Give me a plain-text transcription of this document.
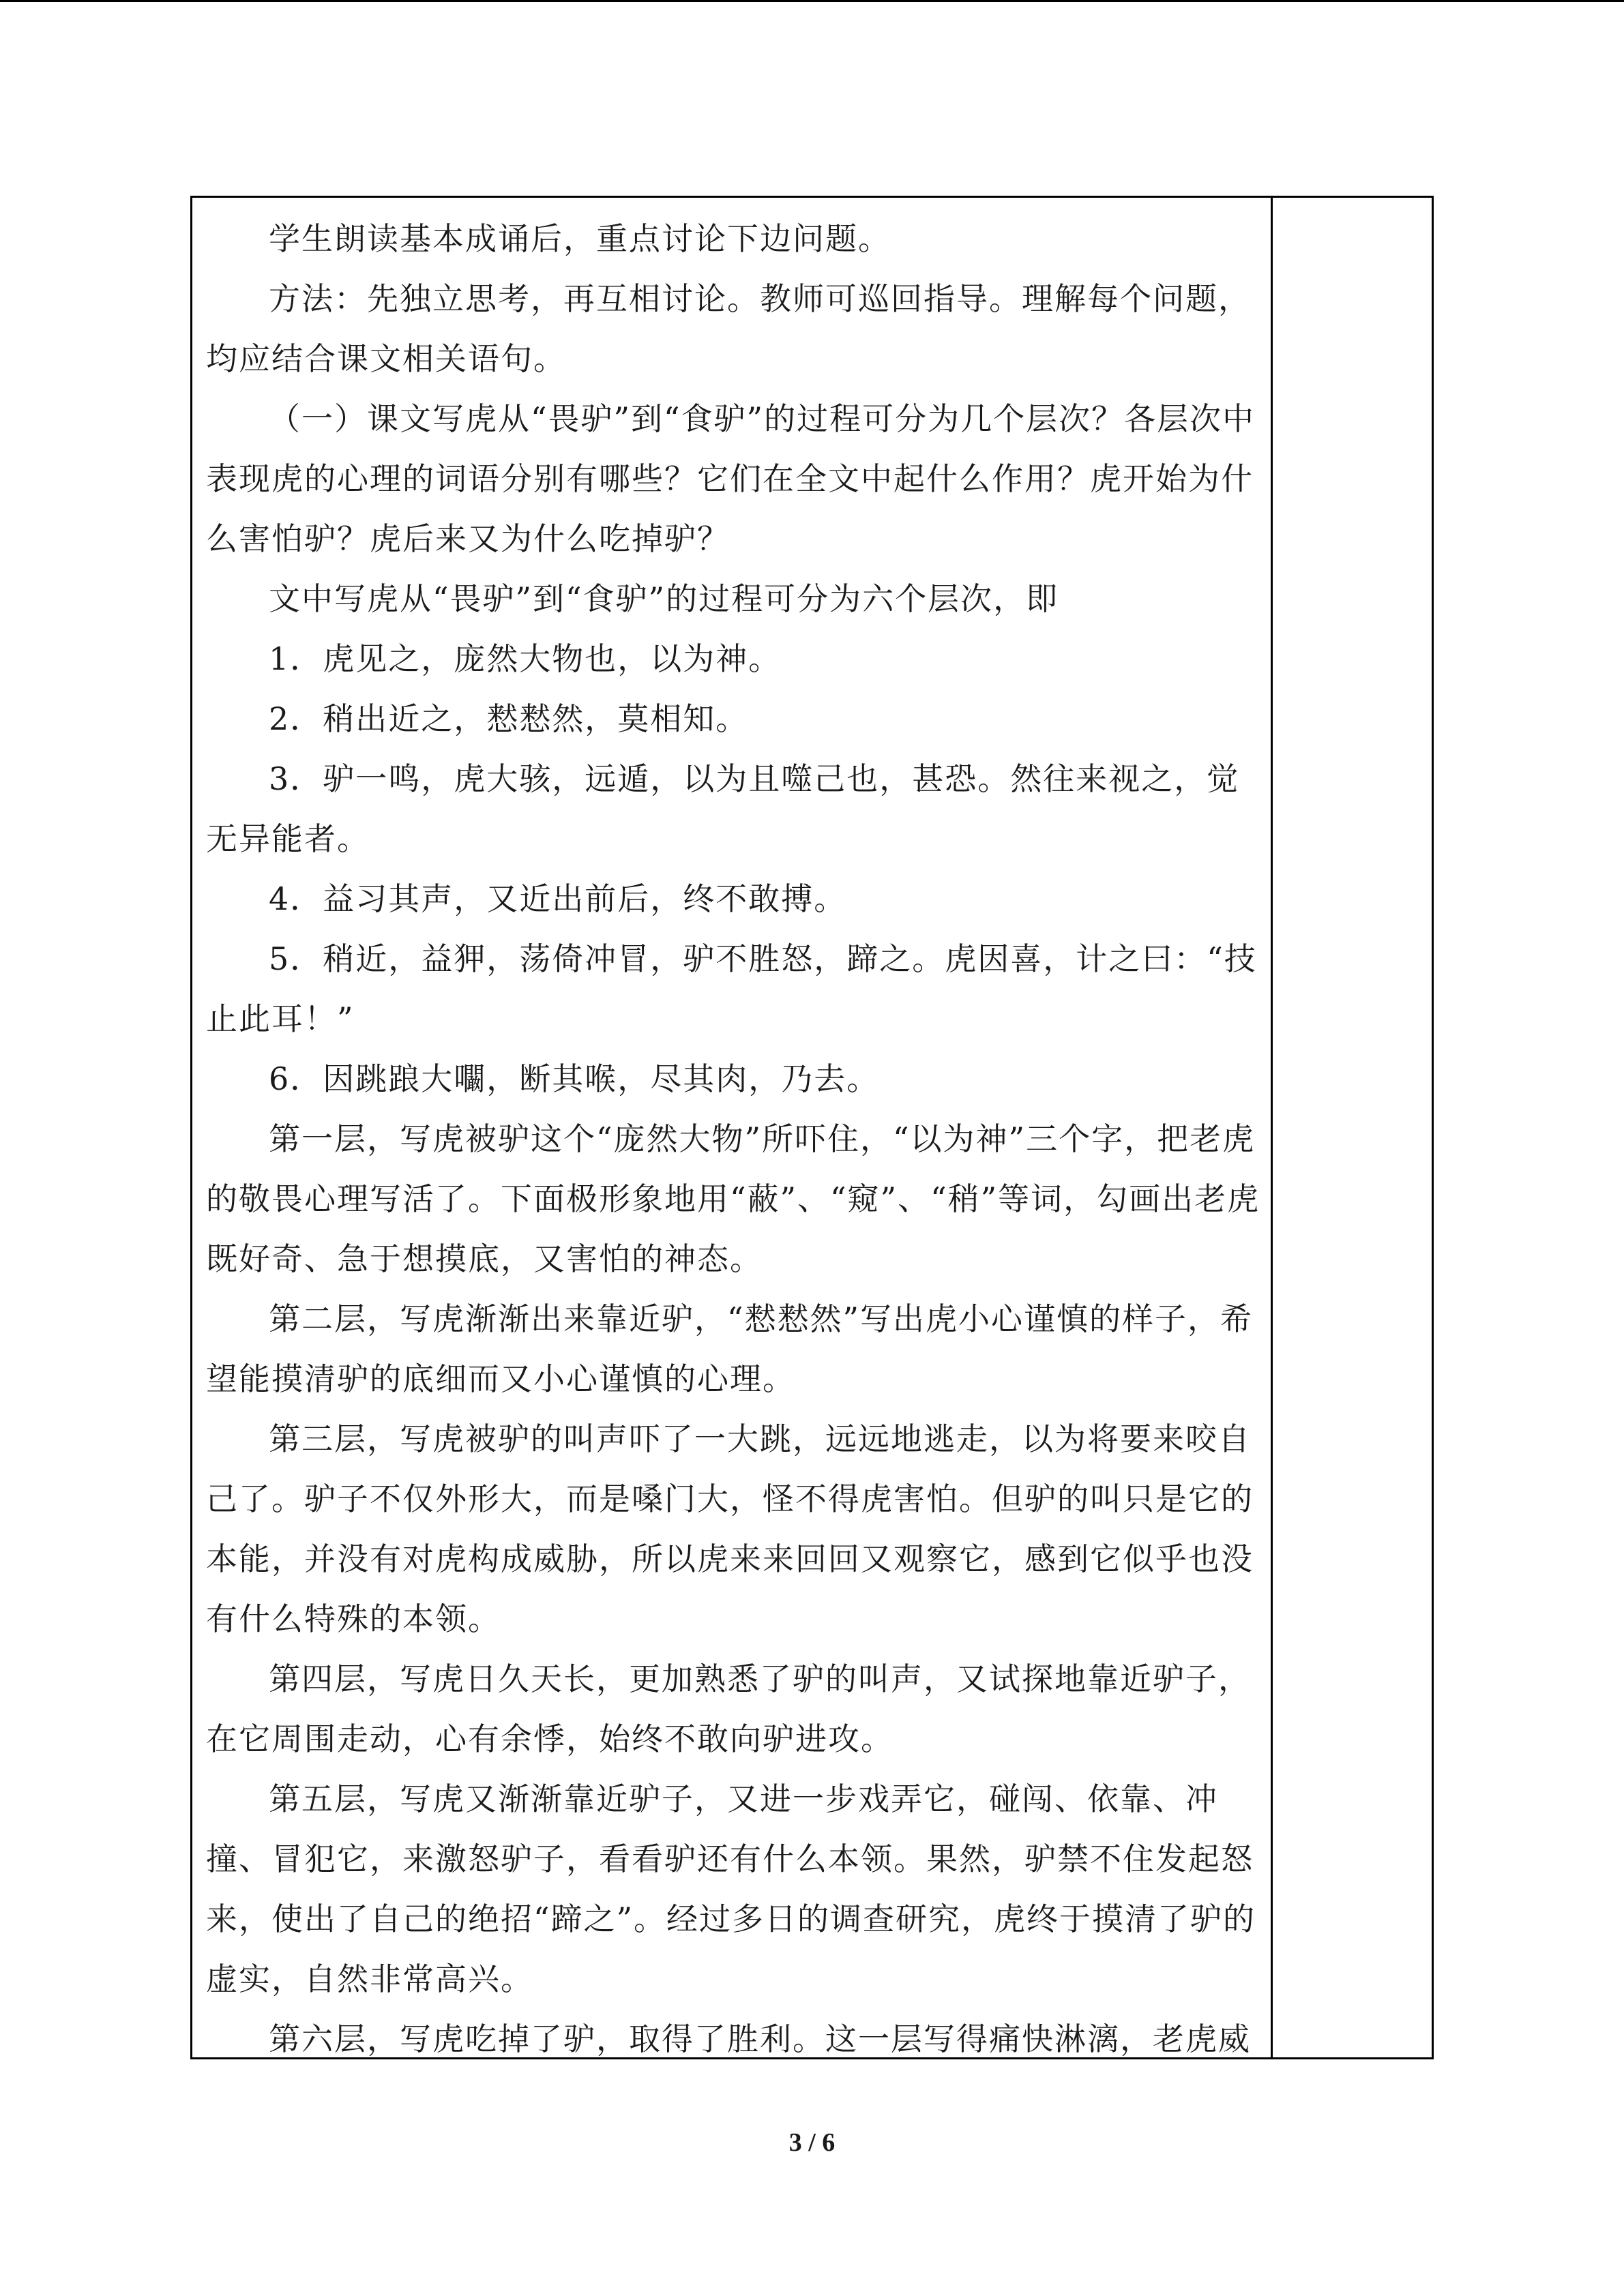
学生朗读基本成诵后，重点讨论下边问题。

方法：先独立思考，再互相讨论。教师可巡回指导。理解每个问题，均应结合课文相关语句。

（一）课文写虎从“畏驴”到“食驴”的过程可分为几个层次？各层次中表现虎的心理的词语分别有哪些？它们在全文中起什么作用？虎开始为什么害怕驴？虎后来又为什么吃掉驴？

文中写虎从“畏驴”到“食驴”的过程可分为六个层次，即

1．虎见之，庞然大物也，以为神。

2．稍出近之，慭慭然，莫相知。

3．驴一鸣，虎大骇，远遁，以为且噬己也，甚恐。然往来视之，觉无异能者。

4．益习其声，又近出前后，终不敢搏。

5．稍近，益狎，荡倚冲冒，驴不胜怒，蹄之。虎因喜，计之曰：“技止此耳！”

6．因跳踉大㘚，断其喉，尽其肉，乃去。

第一层，写虎被驴这个“庞然大物”所吓住，“以为神”三个字，把老虎的敬畏心理写活了。下面极形象地用“蔽”、“窥”、“稍”等词，勾画出老虎既好奇、急于想摸底，又害怕的神态。

第二层，写虎渐渐出来靠近驴，“慭慭然”写出虎小心谨慎的样子，希望能摸清驴的底细而又小心谨慎的心理。

第三层，写虎被驴的叫声吓了一大跳，远远地逃走，以为将要来咬自己了。驴子不仅外形大，而是嗓门大，怪不得虎害怕。但驴的叫只是它的本能，并没有对虎构成威胁，所以虎来来回回又观察它，感到它似乎也没有什么特殊的本领。

第四层，写虎日久天长，更加熟悉了驴的叫声，又试探地靠近驴子，在它周围走动，心有余悸，始终不敢向驴进攻。

第五层，写虎又渐渐靠近驴子，又进一步戏弄它，碰闯、依靠、冲撞、冒犯它，来激怒驴子，看看驴还有什么本领。果然，驴禁不住发起怒来，使出了自己的绝招“蹄之”。经过多日的调查研究，虎终于摸清了驴的虚实，自然非常高兴。

第六层，写虎吃掉了驴，取得了胜利。这一层写得痛快淋漓，老虎威

3 / 6
